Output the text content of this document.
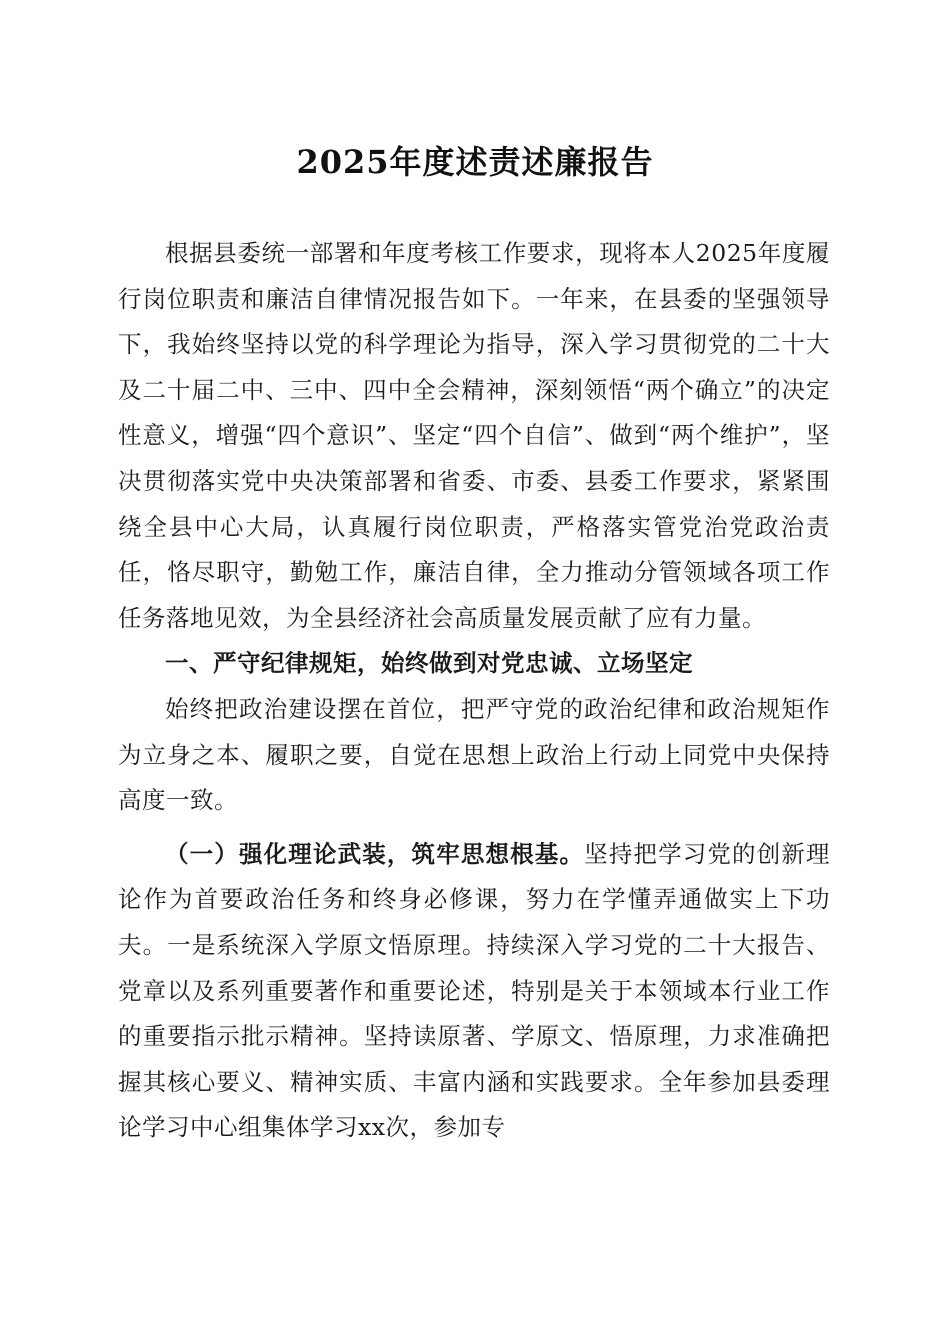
2025年度述责述廉报告

根据县委统一部署和年度考核工作要求，现将本人2025年度履行岗位职责和廉洁自律情况报告如下。一年来，在县委的坚强领导下，我始终坚持以党的科学理论为指导，深入学习贯彻党的二十大及二十届二中、三中、四中全会精神，深刻领悟“两个确立”的决定性意义，增强“四个意识”、坚定“四个自信”、做到“两个维护”，坚决贯彻落实党中央决策部署和省委、市委、县委工作要求，紧紧围绕全县中心大局，认真履行岗位职责，严格落实管党治党政治责任，恪尽职守，勤勉工作，廉洁自律，全力推动分管领域各项工作任务落地见效，为全县经济社会高质量发展贡献了应有力量。

一、严守纪律规矩，始终做到对党忠诚、立场坚定

始终把政治建设摆在首位，把严守党的政治纪律和政治规矩作为立身之本、履职之要，自觉在思想上政治上行动上同党中央保持高度一致。

（一）强化理论武装，筑牢思想根基。坚持把学习党的创新理论作为首要政治任务和终身必修课，努力在学懂弄通做实上下功夫。一是系统深入学原文悟原理。持续深入学习党的二十大报告、党章以及系列重要著作和重要论述，特别是关于本领域本行业工作的重要指示批示精神。坚持读原著、学原文、悟原理，力求准确把握其核心要义、精神实质、丰富内涵和实践要求。全年参加县委理论学习中心组集体学习xx次，参加专
